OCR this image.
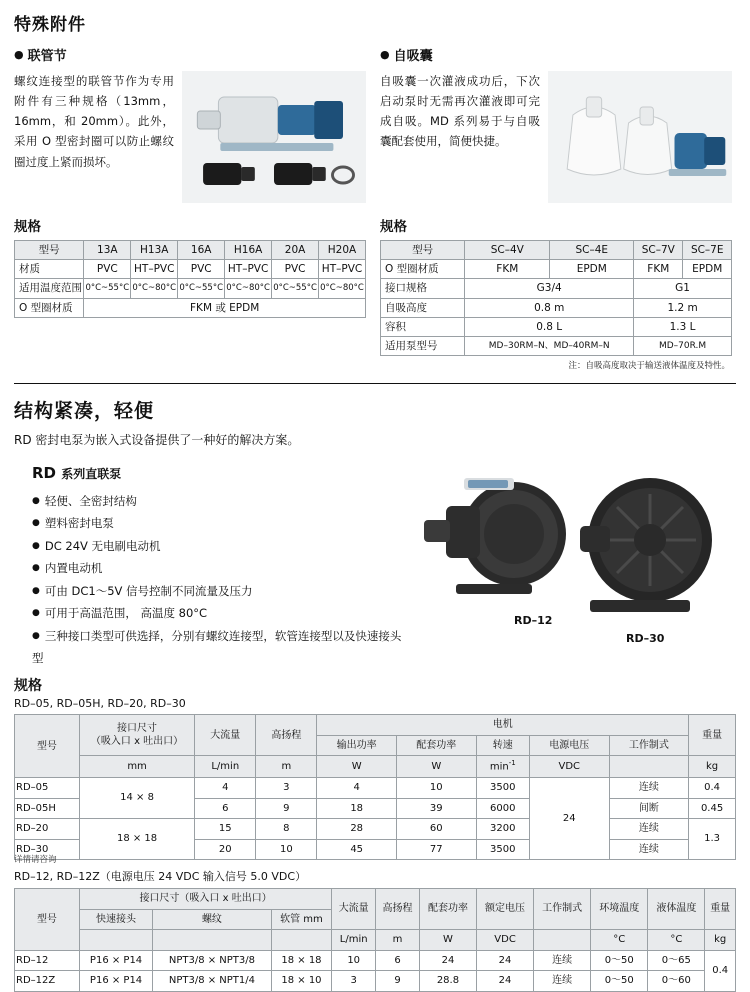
特殊附件
● 联管节

螺纹连接型的联管节作为专用附件有三种规格（13mm，16mm，和 20mm）。此外，采用 O 型密封圈可以防止螺纹圈过度上紧而损坏。

规格
型号	13A	H13A	16A	H16A	20A	H20A
材质	PVC	HT–PVC	PVC	HT–PVC	PVC	HT–PVC
适用温度范围	0°C~55°C	0°C~80°C	0°C~55°C	0°C~80°C	0°C~55°C	0°C~80°C
O 型圈材质	FKM 或 EPDM					
● 自吸囊

自吸囊一次灌液成功后，下次启动泵时无需再次灌液即可完成自吸。MD 系列易于与自吸囊配套使用，简便快捷。

规格
型号	SC–4V	SC–4E	SC–7V	SC–7E
O 型圈材质	FKM	EPDM	FKM	EPDM
接口规格	G3/4		G1	
自吸高度	0.8 m		1.2 m	
容积	0.8 L		1.3 L	
适用泵型号	MD–30RM–N、MD–40RM–N		MD–70R.M	
注：自吸高度取决于输送液体温度及特性。
结构紧凑，轻便

RD 密封电泵为嵌入式设备提供了一种好的解决方案。

RD 系列直联泵
● 轻便、全密封结构
● 塑料密封电泵
● DC 24V 无电刷电动机
● 内置电动机
● 可由 DC1～5V 信号控制不同流量及压力
● 可用于高温范围， 高温度 80°C
● 三种接口类型可供选择，分别有螺纹连接型，软管连接型以及快速接头型
RD–12
RD–30
规格
RD–05, RD–05H, RD–20, RD–30
型号	接口尺寸
（吸入口 x 吐出口）	大流量	高扬程	电机					重量
				输出功率	配套功率	转速	电源电压	工作制式	
	mm	L/min	m	W	W	$\min^{-1}$	VDC		kg
RD–05	14 × 8	4	3	4	10	3500	24	连续	0.4
RD–05H		6	9	18	39	6000		间断	0.45
RD–20	18 × 18	15	8	28	60	3200		连续	1.3
RD–30		20	10	45	77	3500		连续	
RD–12, RD–12Z（电源电压 24 VDC 输入信号 5.0 VDC）
型号	接口尺寸（吸入口 x 吐出口）			大流量	高扬程	配套功率	额定电压	工作制式	环境温度	液体温度	重量
	快速接头	螺纹	软管 mm								
				L/min	m	W	VDC		°C	°C	kg
RD–12	P16 × P14	NPT3/8 × NPT3/8	18 × 18	10	6	24	24	连续	0～50	0～65	0.4
RD–12Z	P16 × P14	NPT3/8 × NPT1/4	18 × 10	3	9	28.8	24	连续	0～50	0～60	
详情请咨询
